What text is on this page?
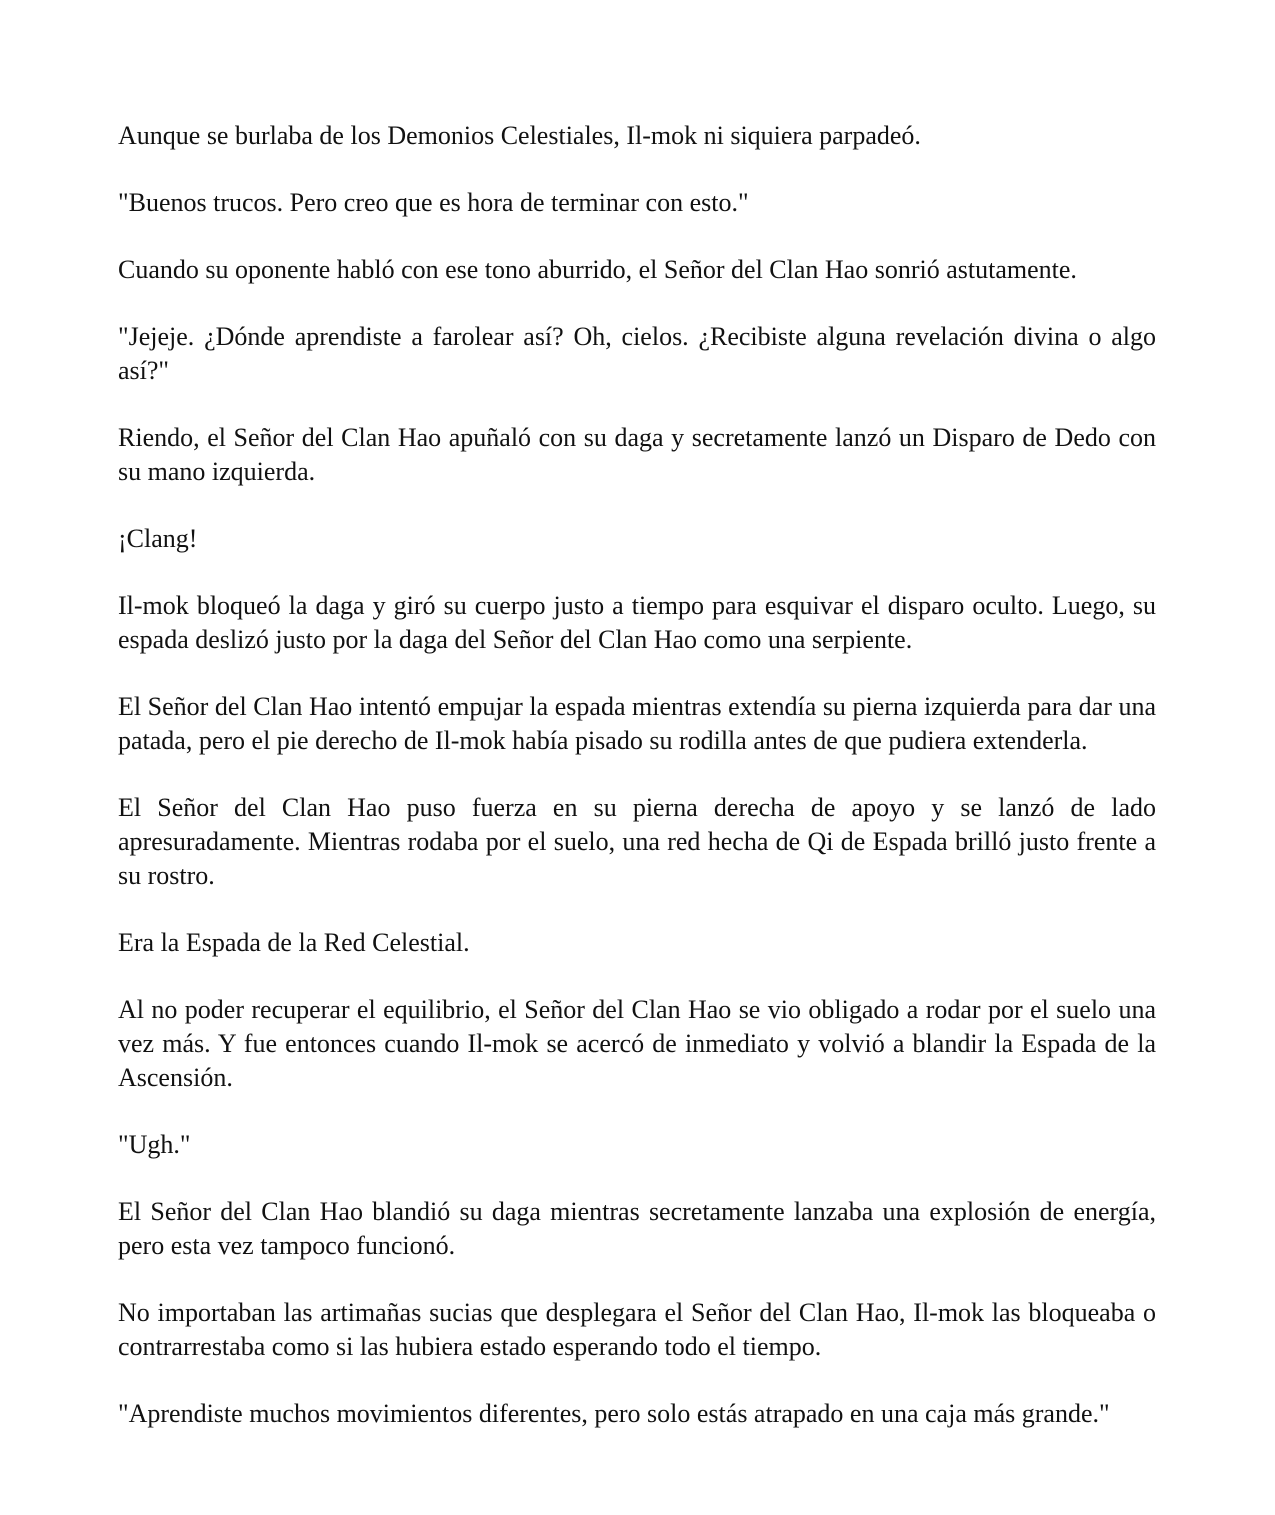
Aunque se burlaba de los Demonios Celestiales, Il-mok ni siquiera parpadeó.

"Buenos trucos. Pero creo que es hora de terminar con esto."

Cuando su oponente habló con ese tono aburrido, el Señor del Clan Hao sonrió astutamente.

"Jejeje. ¿Dónde aprendiste a farolear así? Oh, cielos. ¿Recibiste alguna revelación divina o algo así?"

Riendo, el Señor del Clan Hao apuñaló con su daga y secretamente lanzó un Disparo de Dedo con su mano izquierda.

¡Clang!

Il-mok bloqueó la daga y giró su cuerpo justo a tiempo para esquivar el disparo oculto. Luego, su espada deslizó justo por la daga del Señor del Clan Hao como una serpiente.

El Señor del Clan Hao intentó empujar la espada mientras extendía su pierna izquierda para dar una patada, pero el pie derecho de Il-mok había pisado su rodilla antes de que pudiera extenderla.

El Señor del Clan Hao puso fuerza en su pierna derecha de apoyo y se lanzó de lado apresuradamente. Mientras rodaba por el suelo, una red hecha de Qi de Espada brilló justo frente a su rostro.

Era la Espada de la Red Celestial.

Al no poder recuperar el equilibrio, el Señor del Clan Hao se vio obligado a rodar por el suelo una vez más. Y fue entonces cuando Il-mok se acercó de inmediato y volvió a blandir la Espada de la Ascensión.

"Ugh."

El Señor del Clan Hao blandió su daga mientras secretamente lanzaba una explosión de energía, pero esta vez tampoco funcionó.

No importaban las artimañas sucias que desplegara el Señor del Clan Hao, Il-mok las bloqueaba o contrarrestaba como si las hubiera estado esperando todo el tiempo.

"Aprendiste muchos movimientos diferentes, pero solo estás atrapado en una caja más grande."
